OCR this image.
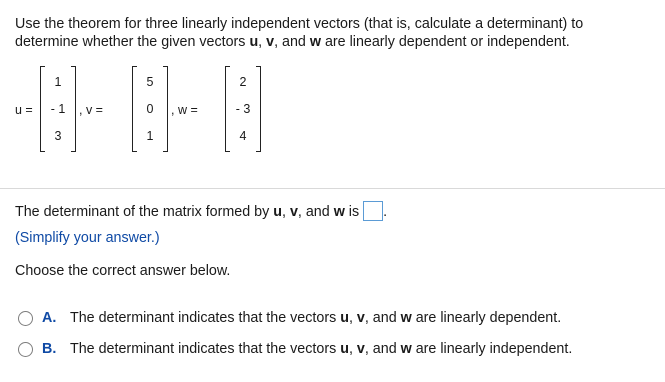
Use the theorem for three linearly independent vectors (that is, calculate a determinant) to
determine whether the given vectors u, v, and w are linearly dependent or independent.
u =
1
- 1
3
, v =
5
0
1
, w =
2
- 3
4
The determinant of the matrix formed by u, v, and w is .
(Simplify your answer.)
Choose the correct answer below.
A. The determinant indicates that the vectors u, v, and w are linearly dependent.
B. The determinant indicates that the vectors u, v, and w are linearly independent.
